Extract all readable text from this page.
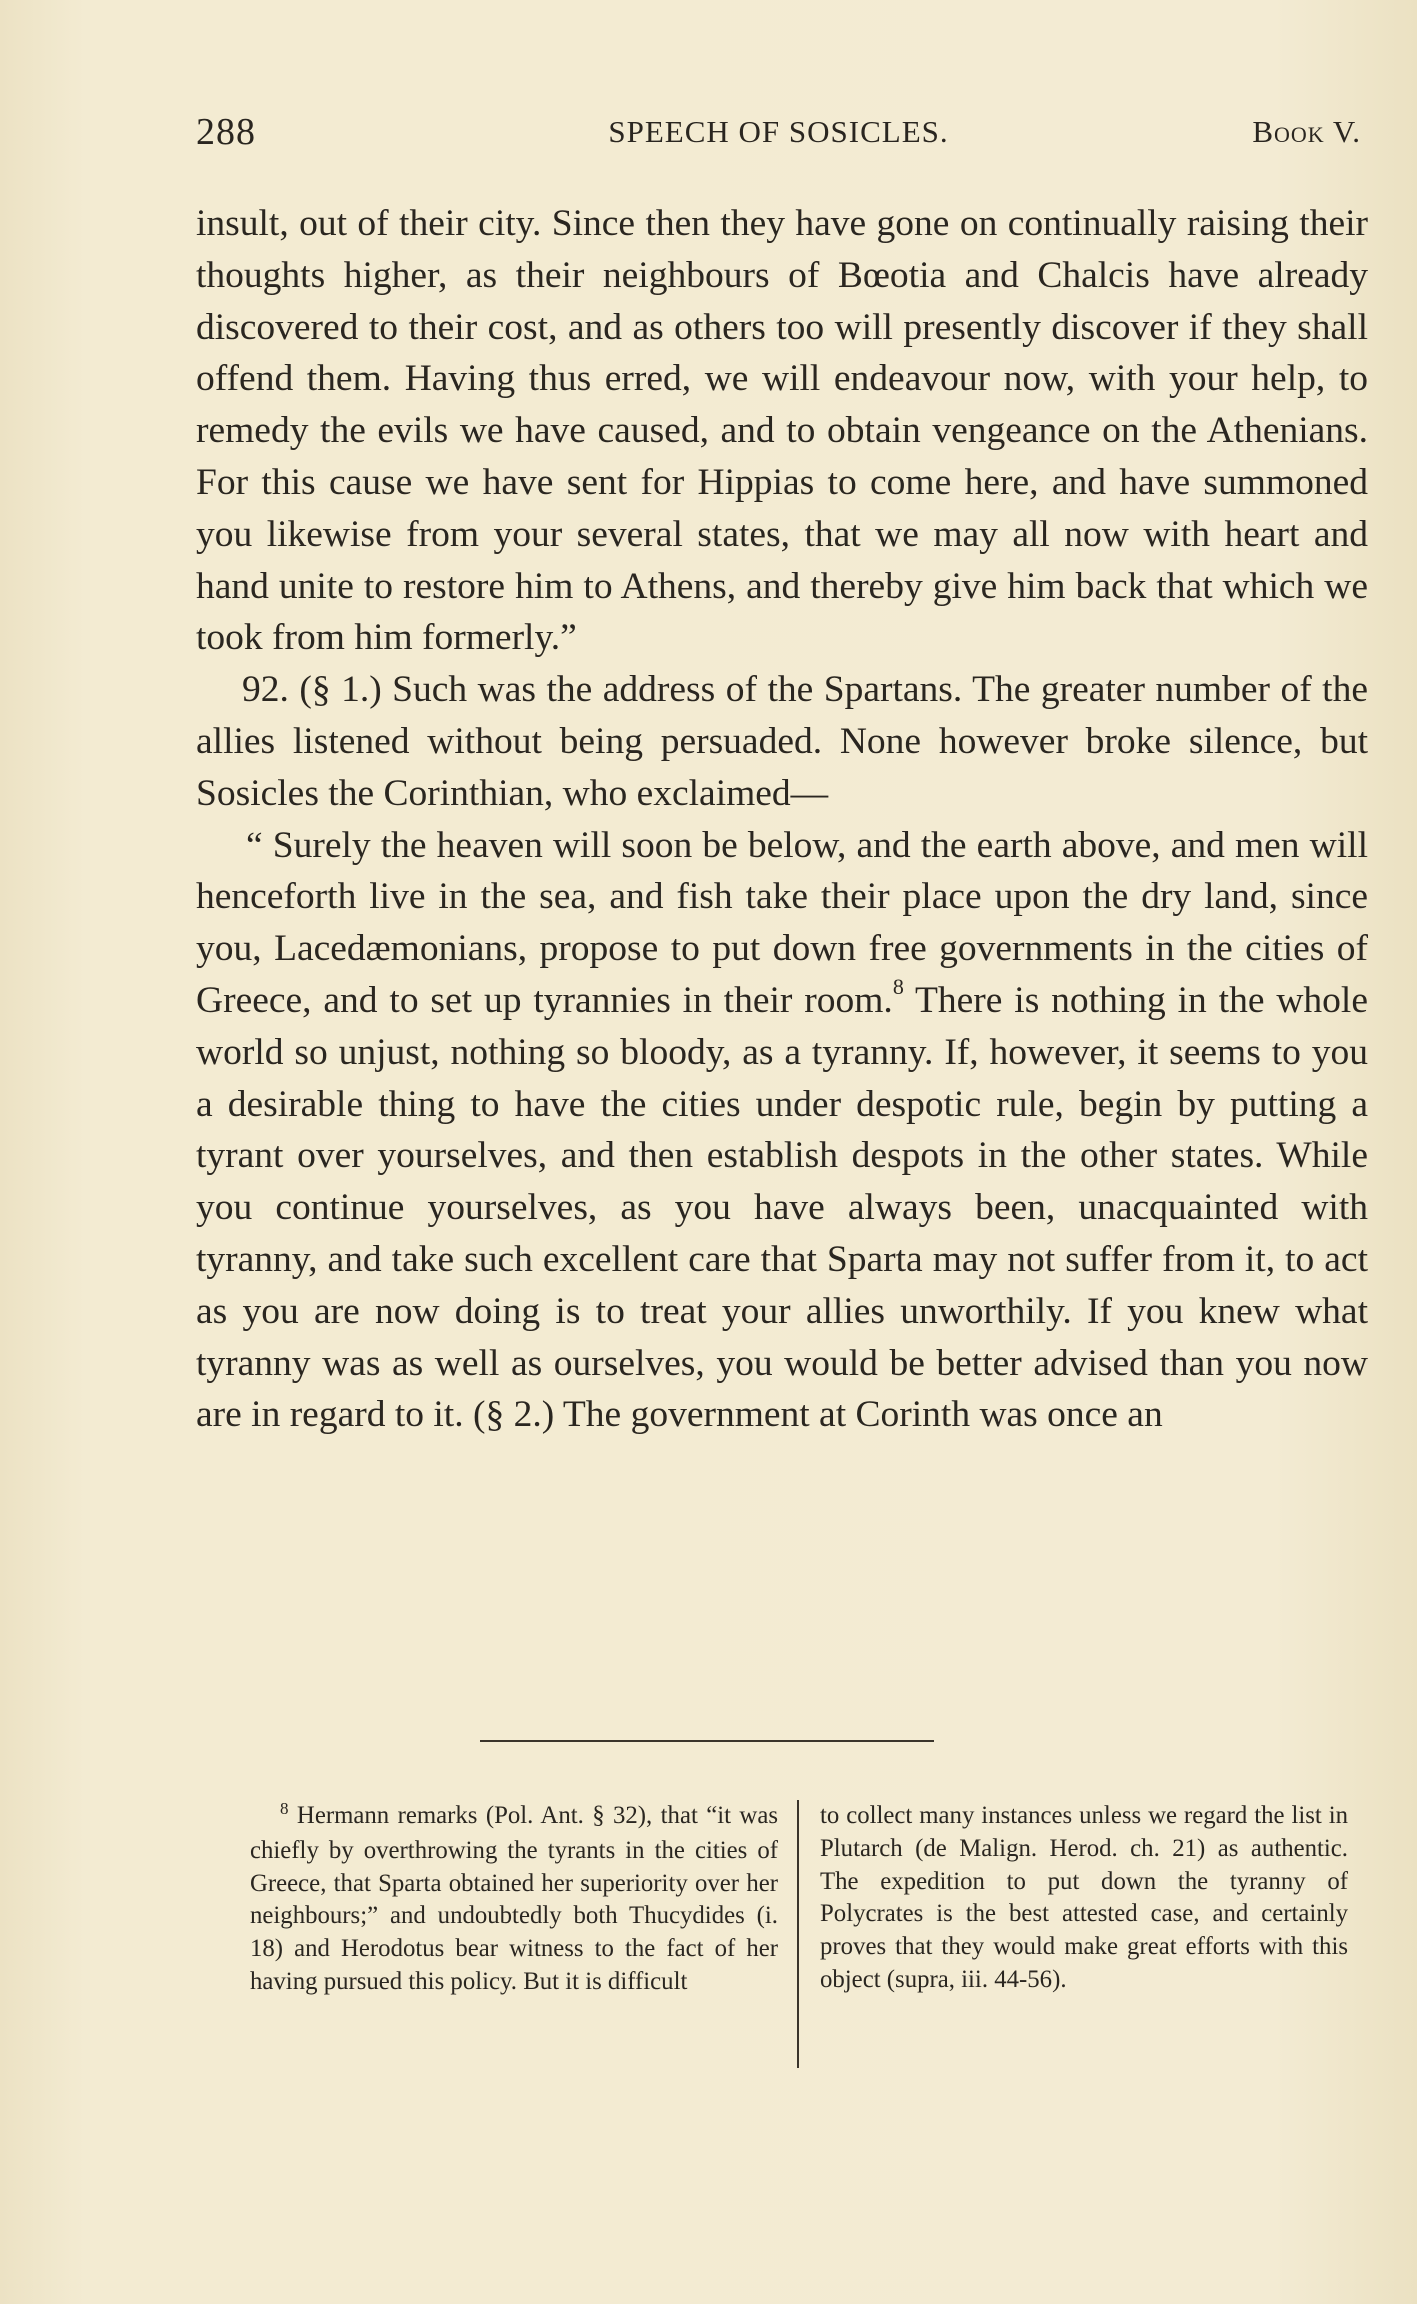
288	SPEECH OF SOSICLES.	Book V.

insult, out of their city. Since then they have gone on continually raising their thoughts higher, as their neighbours of Bœotia and Chalcis have already discovered to their cost, and as others too will presently discover if they shall offend them. Having thus erred, we will endeavour now, with your help, to remedy the evils we have caused, and to obtain vengeance on the Athenians. For this cause we have sent for Hippias to come here, and have summoned you likewise from your several states, that we may all now with heart and hand unite to restore him to Athens, and thereby give him back that which we took from him formerly.”

92. (§ 1.) Such was the address of the Spartans. The greater number of the allies listened without being persuaded. None however broke silence, but Sosicles the Corinthian, who exclaimed—

“ Surely the heaven will soon be below, and the earth above, and men will henceforth live in the sea, and fish take their place upon the dry land, since you, Lacedæmonians, propose to put down free governments in the cities of Greece, and to set up tyrannies in their room.$^8$ There is nothing in the whole world so unjust, nothing so bloody, as a tyranny. If, however, it seems to you a desirable thing to have the cities under despotic rule, begin by putting a tyrant over yourselves, and then establish despots in the other states. While you continue yourselves, as you have always been, unacquainted with tyranny, and take such excellent care that Sparta may not suffer from it, to act as you are now doing is to treat your allies unworthily. If you knew what tyranny was as well as ourselves, you would be better advised than you now are in regard to it. (§ 2.) The government at Corinth was once an

$^8$ Hermann remarks (Pol. Ant. § 32), that “it was chiefly by overthrowing the tyrants in the cities of Greece, that Sparta obtained her superiority over her neighbours;” and undoubtedly both Thucydides (i. 18) and Herodotus bear witness to the fact of her having pursued this policy. But it is difficult
to collect many instances unless we regard the list in Plutarch (de Malign. Herod. ch. 21) as authentic. The expedition to put down the tyranny of Polycrates is the best attested case, and certainly proves that they would make great efforts with this object (supra, iii. 44-56).
